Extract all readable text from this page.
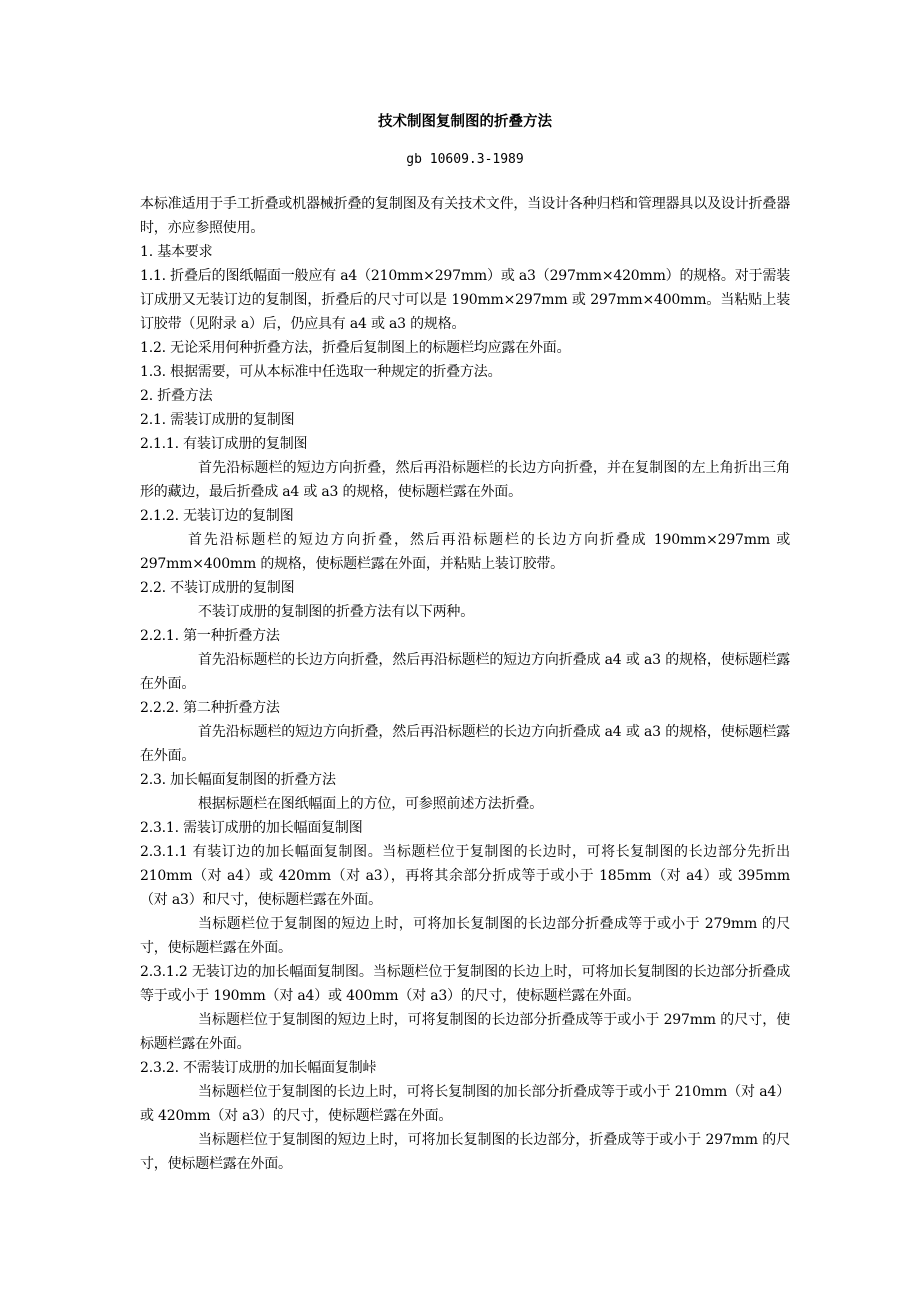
技术制图复制图的折叠方法
gb 10609.3-1989

本标准适用于手工折叠或机器械折叠的复制图及有关技术文件，当设计各种归档和管理器具以及设计折叠器时，亦应参照使用。

1. 基本要求

1.1. 折叠后的图纸幅面一般应有 a4（210mm×297mm）或 a3（297mm×420mm）的规格。对于需装订成册又无装订边的复制图，折叠后的尺寸可以是 190mm×297mm 或 297mm×400mm。当粘贴上装订胶带（见附录 a）后，仍应具有 a4 或 a3 的规格。

1.2. 无论采用何种折叠方法，折叠后复制图上的标题栏均应露在外面。

1.3. 根据需要，可从本标准中任选取一种规定的折叠方法。

2. 折叠方法

2.1. 需装订成册的复制图

2.1.1. 有装订成册的复制图

首先沿标题栏的短边方向折叠，然后再沿标题栏的长边方向折叠，并在复制图的左上角折出三角形的藏边，最后折叠成 a4 或 a3 的规格，使标题栏露在外面。

2.1.2. 无装订边的复制图

首先沿标题栏的短边方向折叠，然后再沿标题栏的长边方向折叠成 190mm×297mm 或 297mm×400mm 的规格，使标题栏露在外面，并粘贴上装订胶带。

2.2. 不装订成册的复制图

不装订成册的复制图的折叠方法有以下两种。

2.2.1. 第一种折叠方法

首先沿标题栏的长边方向折叠，然后再沿标题栏的短边方向折叠成 a4 或 a3 的规格，使标题栏露在外面。

2.2.2. 第二种折叠方法

首先沿标题栏的短边方向折叠，然后再沿标题栏的长边方向折叠成 a4 或 a3 的规格，使标题栏露在外面。

2.3. 加长幅面复制图的折叠方法

根据标题栏在图纸幅面上的方位，可参照前述方法折叠。

2.3.1. 需装订成册的加长幅面复制图

2.3.1.1 有装订边的加长幅面复制图。当标题栏位于复制图的长边时，可将长复制图的长边部分先折出 210mm（对 a4）或 420mm（对 a3），再将其余部分折成等于或小于 185mm（对 a4）或 395mm（对 a3）和尺寸，使标题栏露在外面。

当标题栏位于复制图的短边上时，可将加长复制图的长边部分折叠成等于或小于 279mm 的尺寸，使标题栏露在外面。

2.3.1.2 无装订边的加长幅面复制图。当标题栏位于复制图的长边上时，可将加长复制图的长边部分折叠成等于或小于 190mm（对 a4）或 400mm（对 a3）的尺寸，使标题栏露在外面。

当标题栏位于复制图的短边上时，可将复制图的长边部分折叠成等于或小于 297mm 的尺寸，使标题栏露在外面。

2.3.2. 不需装订成册的加长幅面复制峠

当标题栏位于复制图的长边上时，可将长复制图的加长部分折叠成等于或小于 210mm（对 a4）或 420mm（对 a3）的尺寸，使标题栏露在外面。

当标题栏位于复制图的短边上时，可将加长复制图的长边部分，折叠成等于或小于 297mm 的尺寸，使标题栏露在外面。
